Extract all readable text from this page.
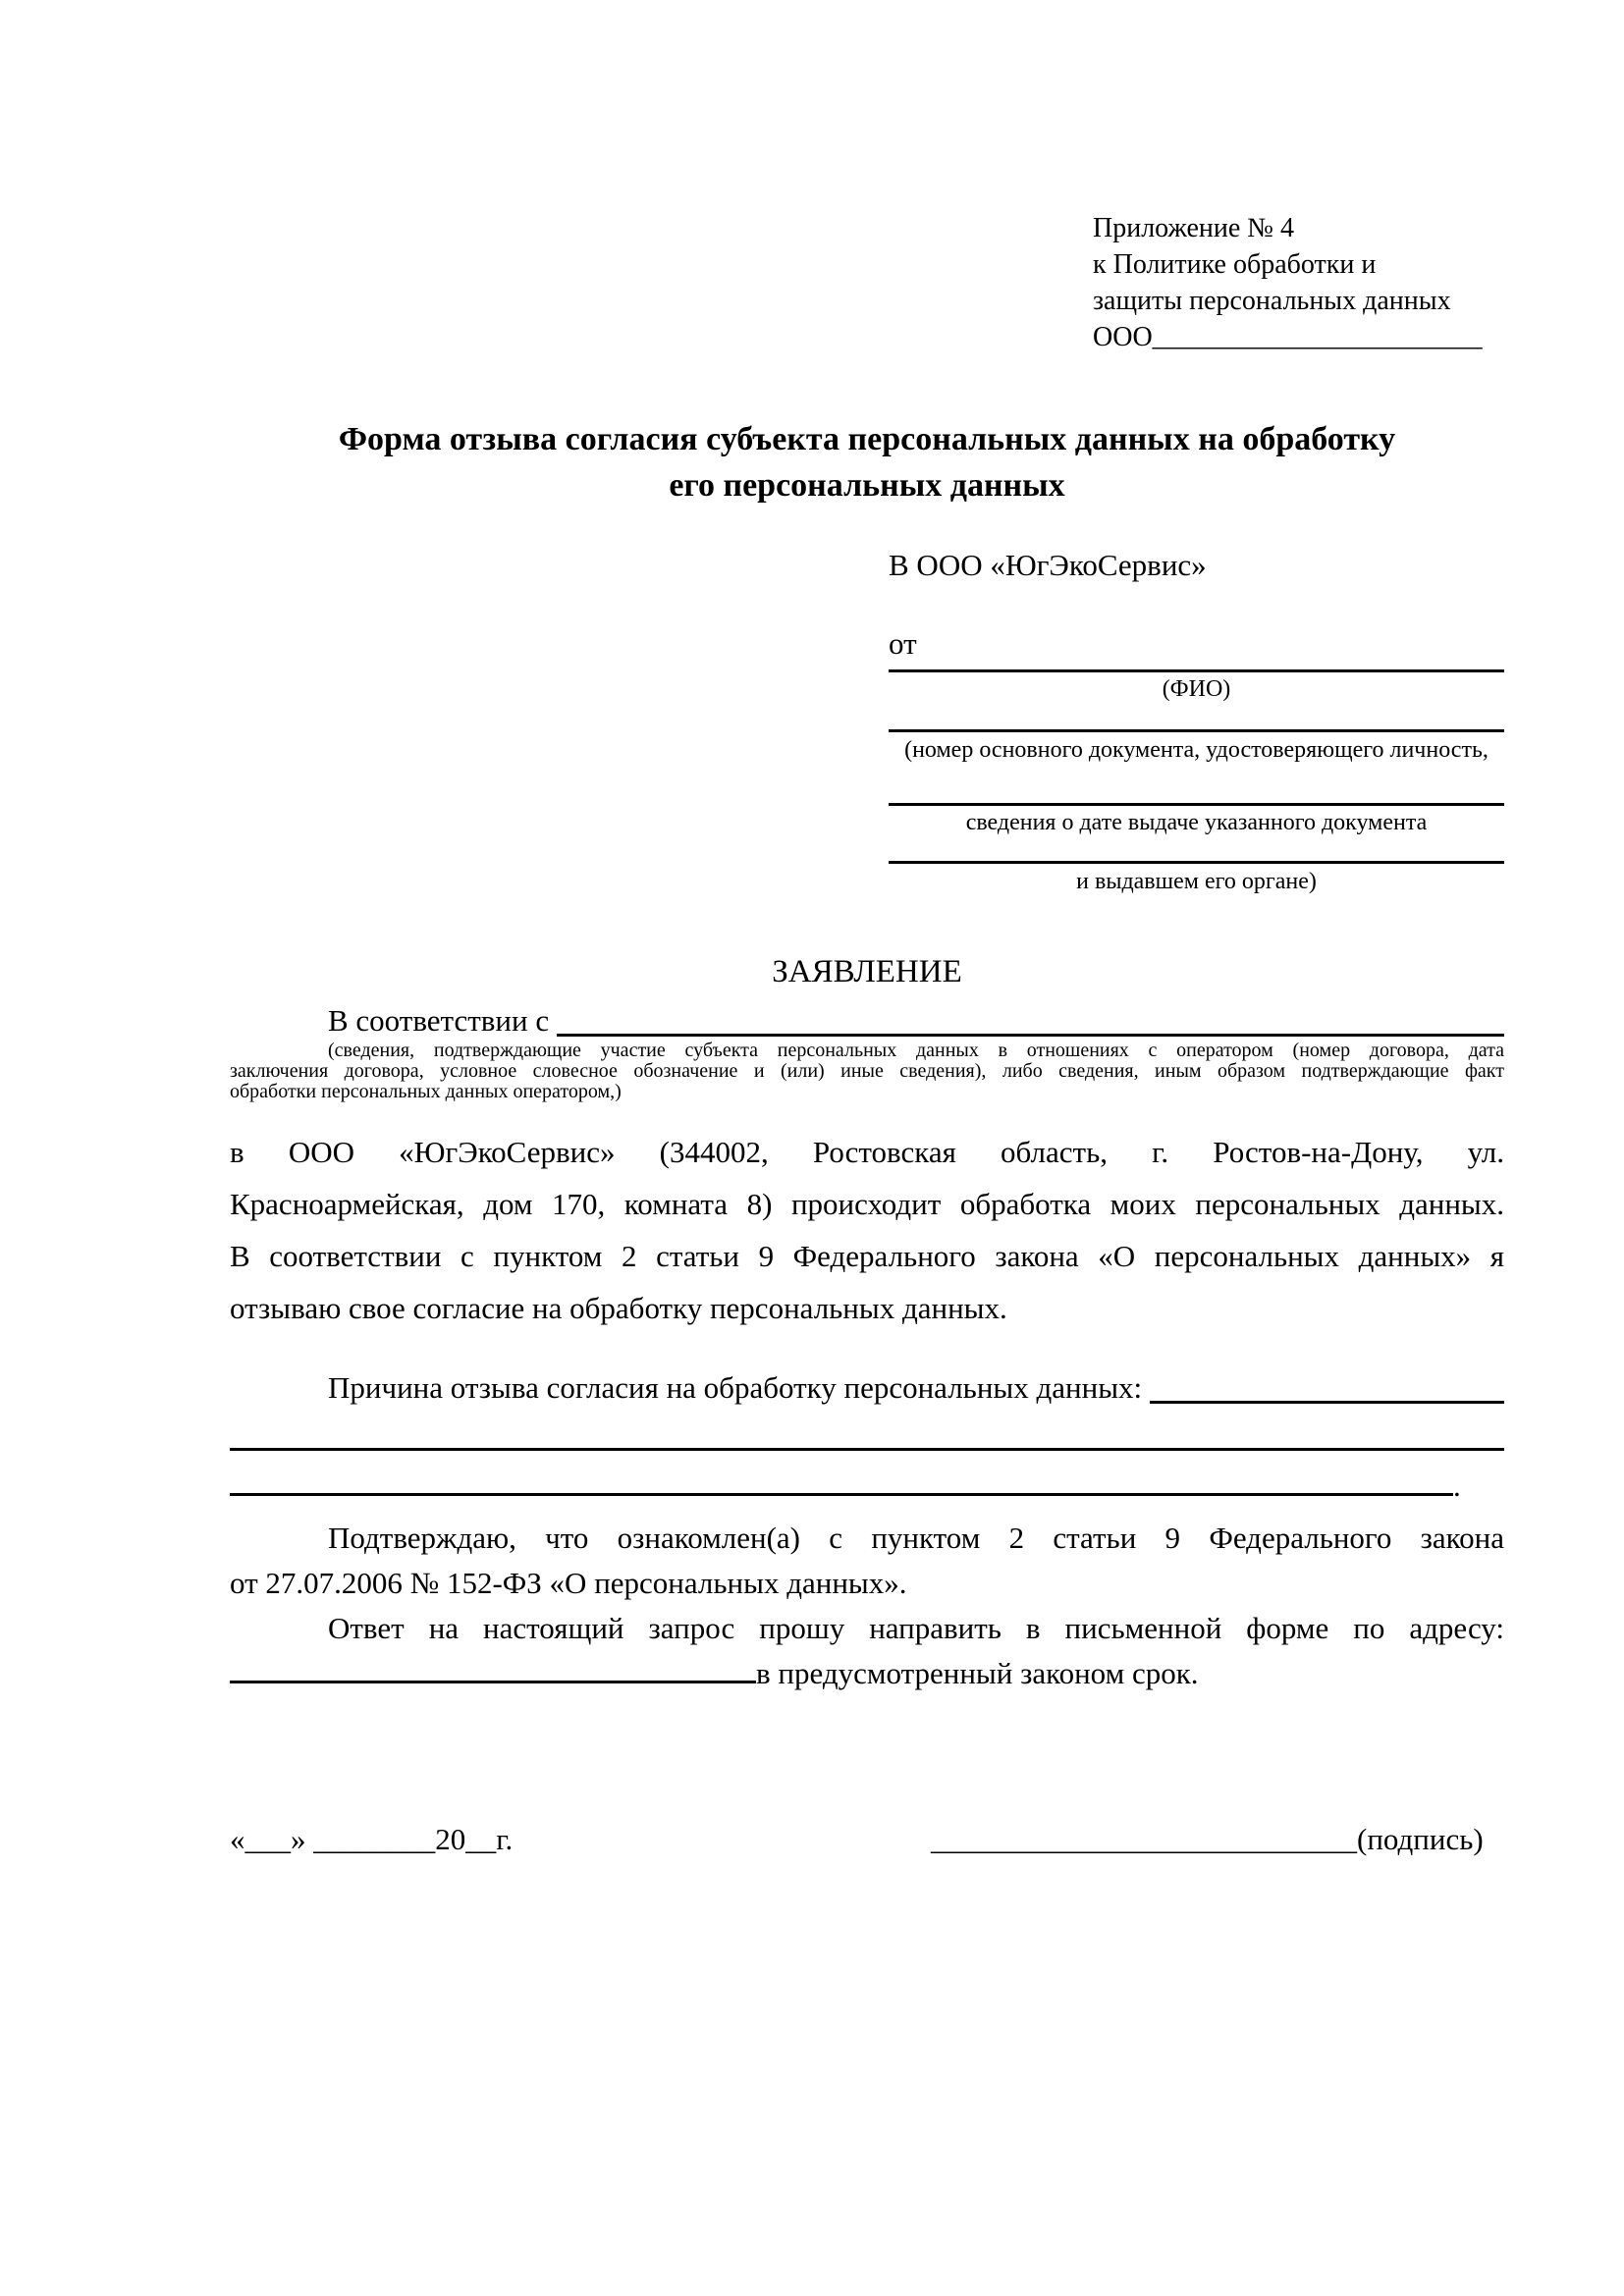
Приложение № 4
к Политике обработки и
защиты персональных данных
ООО________________________
Форма отзыва согласия субъекта персональных данных на обработку
его персональных данных
В ООО «ЮгЭкоСервис»
от
(ФИО)
(номер основного документа, удостоверяющего личность,
сведения о дате выдаче указанного документа
и выдавшем его органе)
ЗАЯВЛЕНИЕ
В соответствии с
(сведения, подтверждающие участие субъекта персональных данных в отношениях с оператором (номер договора, дата
заключения договора, условное словесное обозначение и (или) иные сведения), либо сведения, иным образом подтверждающие факт
обработки персональных данных оператором,)
в ООО «ЮгЭкоСервис» (344002, Ростовская область, г. Ростов-на-Дону, ул.
Красноармейская, дом 170, комната 8) происходит обработка моих персональных данных.
В соответствии с пунктом 2 статьи 9 Федерального закона «О персональных данных» я
отзываю свое согласие на обработку персональных данных.
Причина отзыва согласия на обработку персональных данных:
.
Подтверждаю, что ознакомлен(а) с пунктом 2 статьи 9 Федерального закона
от 27.07.2006 № 152-ФЗ «О персональных данных».
Ответ на настоящий запрос прошу направить в письменной форме по адресу:
в предусмотренный законом срок.
«___» ________20__г.	____________________________(подпись)
